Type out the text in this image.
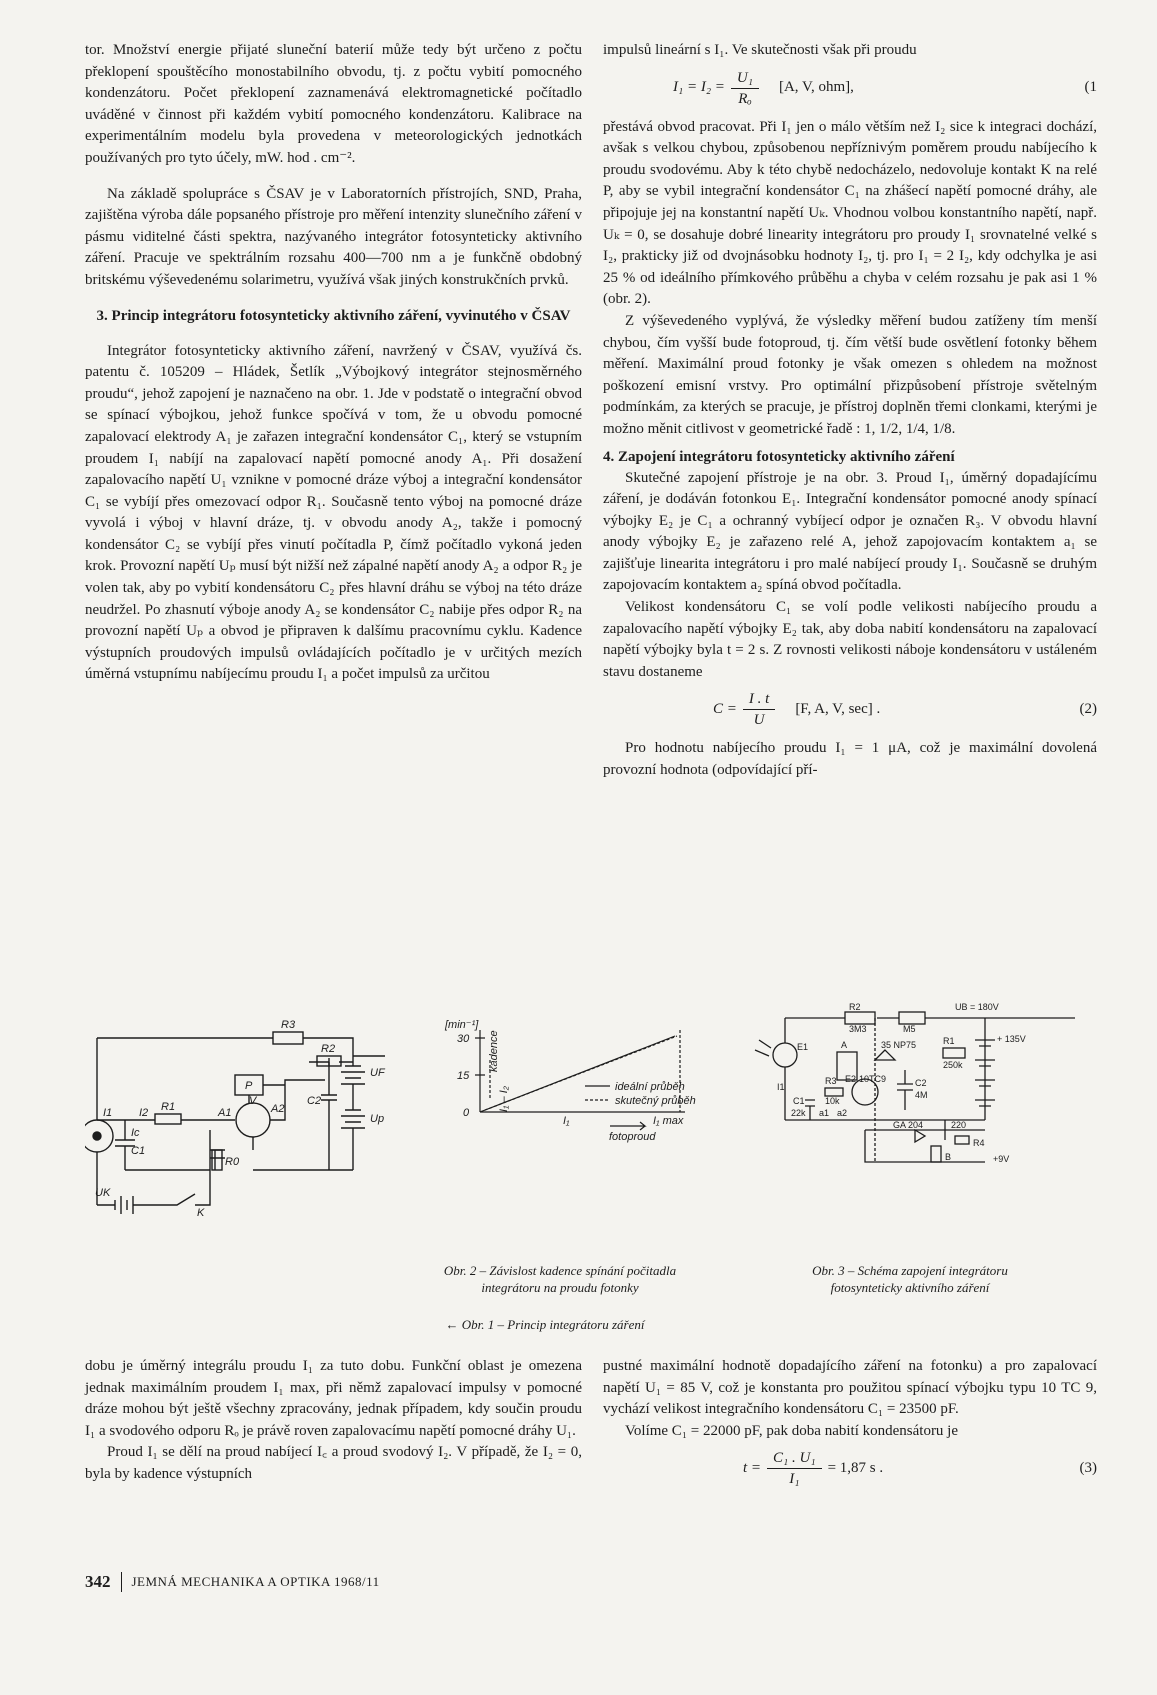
tor. Množství energie přijaté sluneční baterií může tedy být určeno z počtu překlopení spouštěcího monostabilního obvodu, tj. z počtu vybití pomocného kondenzátoru. Počet překlopení zaznamenává elektromagnetické počítadlo uváděné v činnost při každém vybití pomocného kondenzátoru. Kalibrace na experimentálním modelu byla provedena v meteorologických jednotkách používaných pro tyto účely, mW. hod . cm⁻².

Na základě spolupráce s ČSAV je v Laboratorních přístrojích, SND, Praha, zajištěna výroba dále popsaného přístroje pro měření intenzity slunečního záření v pásmu viditelné části spektra, nazývaného integrátor fotosynteticky aktivního záření. Pracuje ve spektrálním rozsahu 400—700 nm a je funkčně obdobný britskému výševedenému solarimetru, využívá však jiných konstrukčních prvků.

3. Princip integrátoru fotosynteticky aktivního záření, vyvinutého v ČSAV

Integrátor fotosynteticky aktivního záření, navržený v ČSAV, využívá čs. patentu č. 105209 – Hládek, Šetlík „Výbojkový integrátor stejnosměrného proudu“, jehož zapojení je naznačeno na obr. 1. Jde v podstatě o integrační obvod se spínací výbojkou, jehož funkce spočívá v tom, že u obvodu pomocné zapalovací elektrody A₁ je zařazen integrační kondensátor C₁, který se vstupním proudem I₁ nabíjí na zapalovací napětí pomocné anody A₁. Při dosažení zapalovacího napětí U₁ vznikne v pomocné dráze výboj a integrační kondensátor C₁ se vybíjí přes omezovací odpor R₁. Současně tento výboj na pomocné dráze vyvolá i výboj v hlavní dráze, tj. v obvodu anody A₂, takže i pomocný kondensátor C₂ se vybíjí přes vinutí počítadla P, čímž počítadlo vykoná jeden krok. Provozní napětí Uₚ musí být nižší než zápalné napětí anody A₂ a odpor R₂ je volen tak, aby po vybití kondensátoru C₂ přes hlavní dráhu se výboj na této dráze neudržel. Po zhasnutí výboje anody A₂ se kondensátor C₂ nabije přes odpor R₂ na provozní napětí Uₚ a obvod je připraven k dalšímu pracovnímu cyklu. Kadence výstupních proudových impulsů ovládajících počítadlo je v určitých mezích úměrná vstupnímu nabíjecímu proudu I₁ a počet impulsů za určitou

impulsů lineární s I₁. Ve skutečnosti však při proudu

$I_1 = I_2 = \frac{\text{U₁}}{\text{Rₒ}} [A$, V, ohm],	(1

přestává obvod pracovat. Při I₁ jen o málo větším než I₂ sice k integraci dochází, avšak s velkou chybou, způsobenou nepříznivým poměrem proudu nabíjecího k proudu svodovému. Aby k této chybě nedocházelo, nedovoluje kontakt K na relé P, aby se vybil integrační kondensátor C₁ na zhášecí napětí pomocné dráhy, ale připojuje jej na konstantní napětí Uₖ. Vhodnou volbou konstantního napětí, např. Uₖ = 0, se dosahuje dobré linearity integrátoru pro proudy I₁ srovnatelné velké s I₂, prakticky již od dvojnásobku hodnoty I₂, tj. pro I₁ = 2 I₂, kdy odchylka je asi 25 % od ideálního přímkového průběhu a chyba v celém rozsahu je pak asi 1 % (obr. 2).

Z výševedeného vyplývá, že výsledky měření budou zatíženy tím menší chybou, čím vyšší bude fotoproud, tj. čím větší bude osvětlení fotonky během měření. Maximální proud fotonky je však omezen s ohledem na možnost poškození emisní vrstvy. Pro optimální přizpůsobení přístroje světelným podmínkám, za kterých se pracuje, je přístroj doplněn třemi clonkami, kterými je možno měnit citlivost v geometrické řadě : 1, 1/2, 1/4, 1/8.

4. Zapojení integrátoru fotosynteticky aktivního záření

Skutečné zapojení přístroje je na obr. 3. Proud I₁, úměrný dopadajícímu záření, je dodáván fotonkou E₁. Integrační kondensátor pomocné anody spínací výbojky E₂ je C₁ a ochranný vybíjecí odpor je označen R₃. V obvodu hlavní anody výbojky E₂ je zařazeno relé A, jehož zapojovacím kontaktem a₁ se zajišťuje linearita integrátoru i pro malé nabíjecí proudy I₁. Současně se druhým zapojovacím kontaktem a₂ spíná obvod počítadla.

Velikost kondensátoru C₁ se volí podle velikosti nabíjecího proudu a zapalovacího napětí výbojky E₂ tak, aby doba nabití kondensátoru na zapalovací napětí výbojky byla t = 2 s. Z rovnosti velikosti náboje kondensátoru v ustáleném stavu dostaneme

$C = \frac{I . t}{U} [F$, A, V, sec] .	(2)

Pro hodnotu nabíjecího proudu I₁ = 1 μA, což je maximální dovolená provozní hodnota (odpovídající pří-

R3
R2
UF
Up
C2
P
R1	A1	A2
V
I1 I2
Ic
C1
R0
UK
K
[min⁻¹]
30
15
0
kadence
I₁ – I₂
I₁	I₁ max
fotoproud
ideální průběh
skutečný průběh
R2
3M3	M5
UB = 180V
R1
250k
+ 135V
E1
I1
A	35 NP75
E2 10TC9	C2
4M
R3
10k
C1
22k a1 a2
GA 204	220
R4
B	+9V
Obr. 2 – Závislost kadence spínání počitadla integrátoru na proudu fotonky
Obr. 3 – Schéma zapojení integrátoru fotosynteticky aktivního záření
← Obr. 1 – Princip integrátoru záření

dobu je úměrný integrálu proudu I₁ za tuto dobu. Funkční oblast je omezena jednak maximálním proudem I₁ max, při němž zapalovací impulsy v pomocné dráze mohou být ještě všechny zpracovány, jednak případem, kdy součin proudu I₁ a svodového odporu Rₒ je právě roven zapalovacímu napětí pomocné dráhy U₁.

Proud I₁ se dělí na proud nabíjecí I꜀ a proud svodový I₂. V případě, že I₂ = 0, byla by kadence výstupních

pustné maximální hodnotě dopadajícího záření na fotonku) a pro zapalovací napětí U₁ = 85 V, což je konstanta pro použitou spínací výbojku typu 10 TC 9, vychází velikost integračního kondensátoru C₁ = 23500 pF.

Volíme C₁ = 22000 pF, pak doba nabití kondensátoru je

$t = \frac{\text{C₁ . U₁}}{\text{I₁}} = 1,87$ s .	(3)
342 JEMNÁ MECHANIKA A OPTIKA 1968/11
